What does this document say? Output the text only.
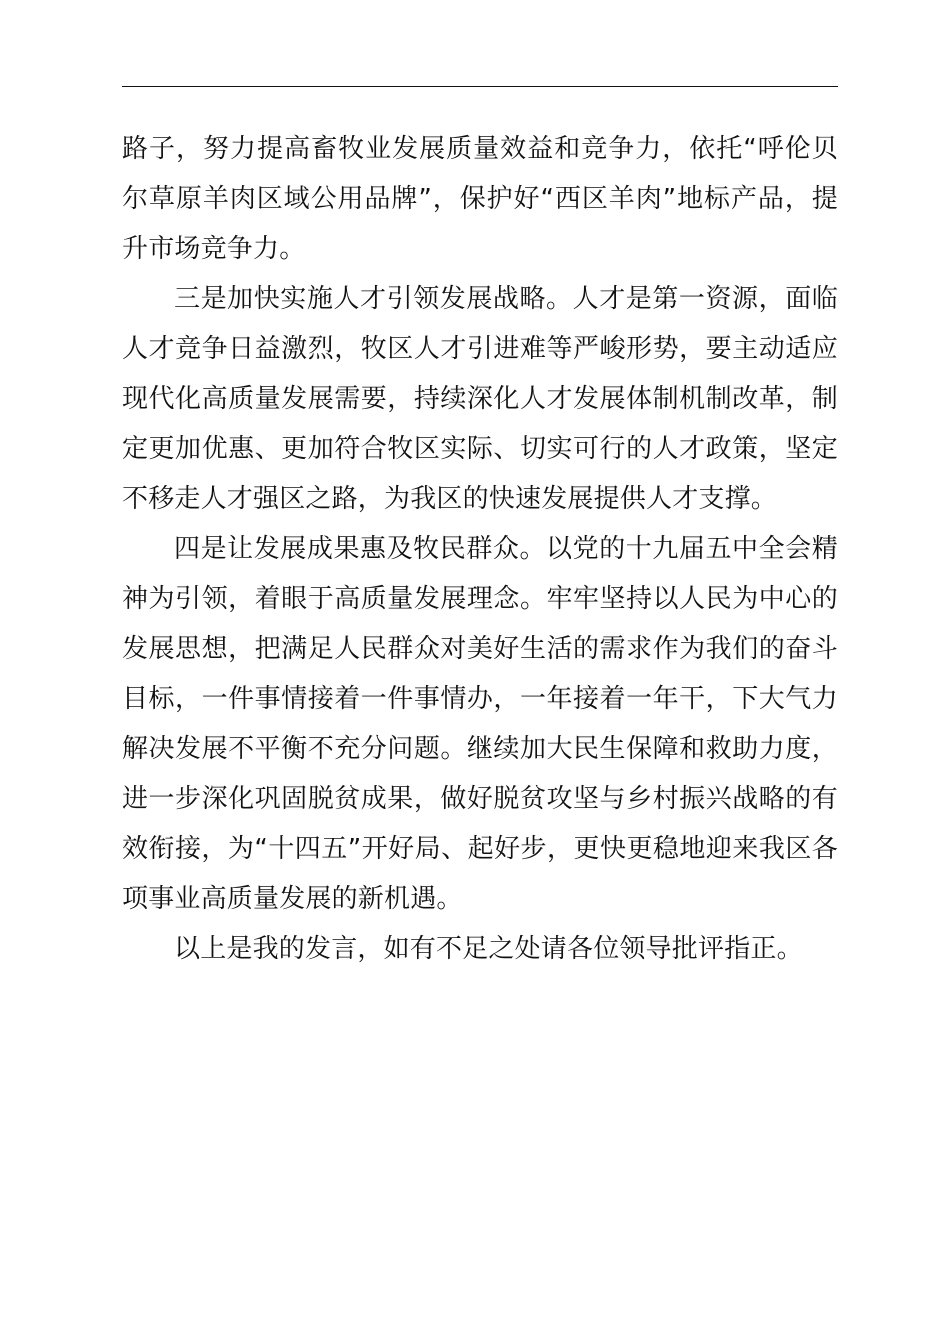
路子，努力提高畜牧业发展质量效益和竞争力，依托“呼伦贝尔草原羊肉区域公用品牌”，保护好“西区羊肉”地标产品，提升市场竞争力。

三是加快实施人才引领发展战略。人才是第一资源，面临人才竞争日益激烈，牧区人才引进难等严峻形势，要主动适应现代化高质量发展需要，持续深化人才发展体制机制改革，制定更加优惠、更加符合牧区实际、切实可行的人才政策，坚定不移走人才强区之路，为我区的快速发展提供人才支撑。

四是让发展成果惠及牧民群众。以党的十九届五中全会精神为引领，着眼于高质量发展理念。牢牢坚持以人民为中心的发展思想，把满足人民群众对美好生活的需求作为我们的奋斗目标，一件事情接着一件事情办，一年接着一年干，下大气力解决发展不平衡不充分问题。继续加大民生保障和救助力度，进一步深化巩固脱贫成果，做好脱贫攻坚与乡村振兴战略的有效衔接，为“十四五”开好局、起好步，更快更稳地迎来我区各项事业高质量发展的新机遇。

以上是我的发言，如有不足之处请各位领导批评指正。
